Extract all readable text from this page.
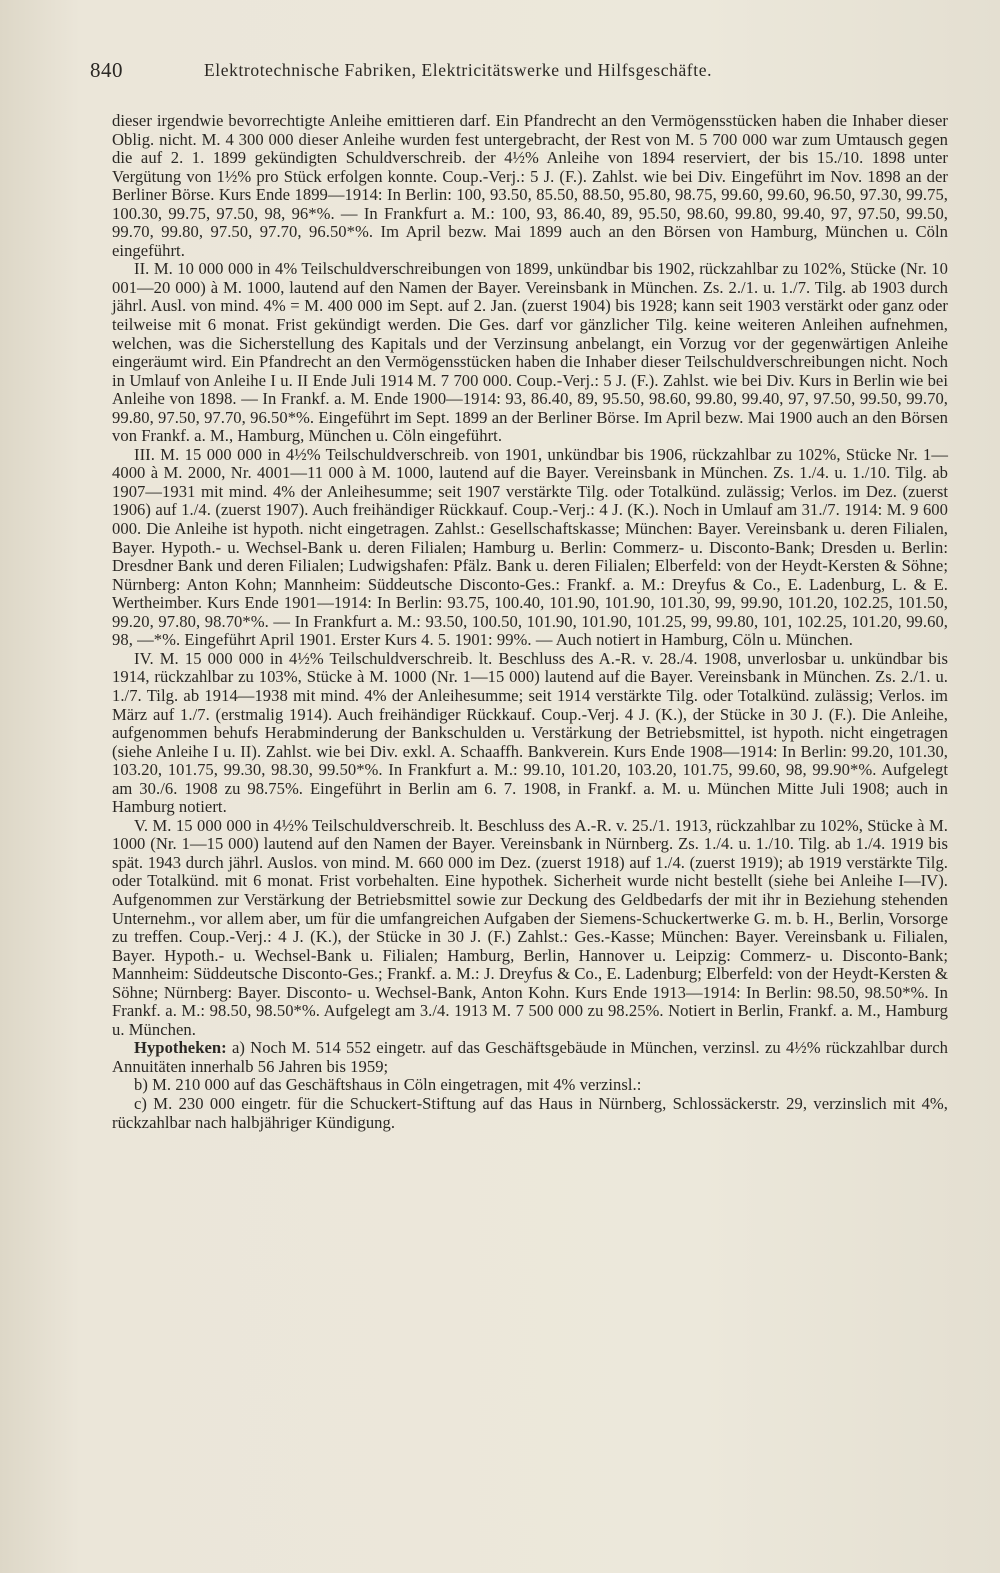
840	Elektrotechnische Fabriken, Elektricitätswerke und Hilfsgeschäfte.

dieser irgendwie bevorrechtigte Anleihe emittieren darf. Ein Pfandrecht an den Vermögensstücken haben die Inhaber dieser Oblig. nicht. M. 4 300 000 dieser Anleihe wurden fest untergebracht, der Rest von M. 5 700 000 war zum Umtausch gegen die auf 2. 1. 1899 gekündigten Schuldverschreib. der 4½% Anleihe von 1894 reserviert, der bis 15./10. 1898 unter Vergütung von 1½% pro Stück erfolgen konnte. Coup.-Verj.: 5 J. (F.). Zahlst. wie bei Div. Eingeführt im Nov. 1898 an der Berliner Börse. Kurs Ende 1899—1914: In Berlin: 100, 93.50, 85.50, 88.50, 95.80, 98.75, 99.60, 99.60, 96.50, 97.30, 99.75, 100.30, 99.75, 97.50, 98, 96*%. — In Frankfurt a. M.: 100, 93, 86.40, 89, 95.50, 98.60, 99.80, 99.40, 97, 97.50, 99.50, 99.70, 99.80, 97.50, 97.70, 96.50*%. Im April bezw. Mai 1899 auch an den Börsen von Hamburg, München u. Cöln eingeführt.

II. M. 10 000 000 in 4% Teilschuldverschreibungen von 1899, unkündbar bis 1902, rückzahlbar zu 102%, Stücke (Nr. 10 001—20 000) à M. 1000, lautend auf den Namen der Bayer. Vereinsbank in München. Zs. 2./1. u. 1./7. Tilg. ab 1903 durch jährl. Ausl. von mind. 4% = M. 400 000 im Sept. auf 2. Jan. (zuerst 1904) bis 1928; kann seit 1903 verstärkt oder ganz oder teilweise mit 6 monat. Frist gekündigt werden. Die Ges. darf vor gänzlicher Tilg. keine weiteren Anleihen aufnehmen, welchen, was die Sicherstellung des Kapitals und der Verzinsung anbelangt, ein Vorzug vor der gegenwärtigen Anleihe eingeräumt wird. Ein Pfandrecht an den Vermögensstücken haben die Inhaber dieser Teilschuldverschreibungen nicht. Noch in Umlauf von Anleihe I u. II Ende Juli 1914 M. 7 700 000. Coup.-Verj.: 5 J. (F.). Zahlst. wie bei Div. Kurs in Berlin wie bei Anleihe von 1898. — In Frankf. a. M. Ende 1900—1914: 93, 86.40, 89, 95.50, 98.60, 99.80, 99.40, 97, 97.50, 99.50, 99.70, 99.80, 97.50, 97.70, 96.50*%. Eingeführt im Sept. 1899 an der Berliner Börse. Im April bezw. Mai 1900 auch an den Börsen von Frankf. a. M., Hamburg, München u. Cöln eingeführt.

III. M. 15 000 000 in 4½% Teilschuldverschreib. von 1901, unkündbar bis 1906, rückzahlbar zu 102%, Stücke Nr. 1—4000 à M. 2000, Nr. 4001—11 000 à M. 1000, lautend auf die Bayer. Vereinsbank in München. Zs. 1./4. u. 1./10. Tilg. ab 1907—1931 mit mind. 4% der Anleihesumme; seit 1907 verstärkte Tilg. oder Totalkünd. zulässig; Verlos. im Dez. (zuerst 1906) auf 1./4. (zuerst 1907). Auch freihändiger Rückkauf. Coup.-Verj.: 4 J. (K.). Noch in Umlauf am 31./7. 1914: M. 9 600 000. Die Anleihe ist hypoth. nicht eingetragen. Zahlst.: Gesellschaftskasse; München: Bayer. Vereinsbank u. deren Filialen, Bayer. Hypoth.- u. Wechsel-Bank u. deren Filialen; Hamburg u. Berlin: Commerz- u. Disconto-Bank; Dresden u. Berlin: Dresdner Bank und deren Filialen; Ludwigshafen: Pfälz. Bank u. deren Filialen; Elberfeld: von der Heydt-Kersten & Söhne; Nürnberg: Anton Kohn; Mannheim: Süddeutsche Disconto-Ges.: Frankf. a. M.: Dreyfus & Co., E. Ladenburg, L. & E. Wertheimber. Kurs Ende 1901—1914: In Berlin: 93.75, 100.40, 101.90, 101.90, 101.30, 99, 99.90, 101.20, 102.25, 101.50, 99.20, 97.80, 98.70*%. — In Frankfurt a. M.: 93.50, 100.50, 101.90, 101.90, 101.25, 99, 99.80, 101, 102.25, 101.20, 99.60, 98, —*%. Eingeführt April 1901. Erster Kurs 4. 5. 1901: 99%. — Auch notiert in Hamburg, Cöln u. München.

IV. M. 15 000 000 in 4½% Teilschuldverschreib. lt. Beschluss des A.-R. v. 28./4. 1908, unverlosbar u. unkündbar bis 1914, rückzahlbar zu 103%, Stücke à M. 1000 (Nr. 1—15 000) lautend auf die Bayer. Vereinsbank in München. Zs. 2./1. u. 1./7. Tilg. ab 1914—1938 mit mind. 4% der Anleihesumme; seit 1914 verstärkte Tilg. oder Totalkünd. zulässig; Verlos. im März auf 1./7. (erstmalig 1914). Auch freihändiger Rückkauf. Coup.-Verj. 4 J. (K.), der Stücke in 30 J. (F.). Die Anleihe, aufgenommen behufs Herabminderung der Bankschulden u. Verstärkung der Betriebsmittel, ist hypoth. nicht eingetragen (siehe Anleihe I u. II). Zahlst. wie bei Div. exkl. A. Schaaffh. Bankverein. Kurs Ende 1908—1914: In Berlin: 99.20, 101.30, 103.20, 101.75, 99.30, 98.30, 99.50*%. In Frankfurt a. M.: 99.10, 101.20, 103.20, 101.75, 99.60, 98, 99.90*%. Aufgelegt am 30./6. 1908 zu 98.75%. Eingeführt in Berlin am 6. 7. 1908, in Frankf. a. M. u. München Mitte Juli 1908; auch in Hamburg notiert.

V. M. 15 000 000 in 4½% Teilschuldverschreib. lt. Beschluss des A.-R. v. 25./1. 1913, rückzahlbar zu 102%, Stücke à M. 1000 (Nr. 1—15 000) lautend auf den Namen der Bayer. Vereinsbank in Nürnberg. Zs. 1./4. u. 1./10. Tilg. ab 1./4. 1919 bis spät. 1943 durch jährl. Auslos. von mind. M. 660 000 im Dez. (zuerst 1918) auf 1./4. (zuerst 1919); ab 1919 verstärkte Tilg. oder Totalkünd. mit 6 monat. Frist vorbehalten. Eine hypothek. Sicherheit wurde nicht bestellt (siehe bei Anleihe I—IV). Aufgenommen zur Verstärkung der Betriebsmittel sowie zur Deckung des Geldbedarfs der mit ihr in Beziehung stehenden Unternehm., vor allem aber, um für die umfangreichen Aufgaben der Siemens-Schuckertwerke G. m. b. H., Berlin, Vorsorge zu treffen. Coup.-Verj.: 4 J. (K.), der Stücke in 30 J. (F.) Zahlst.: Ges.-Kasse; München: Bayer. Vereinsbank u. Filialen, Bayer. Hypoth.- u. Wechsel-Bank u. Filialen; Hamburg, Berlin, Hannover u. Leipzig: Commerz- u. Disconto-Bank; Mannheim: Süddeutsche Disconto-Ges.; Frankf. a. M.: J. Dreyfus & Co., E. Ladenburg; Elberfeld: von der Heydt-Kersten & Söhne; Nürnberg: Bayer. Disconto- u. Wechsel-Bank, Anton Kohn. Kurs Ende 1913—1914: In Berlin: 98.50, 98.50*%. In Frankf. a. M.: 98.50, 98.50*%. Aufgelegt am 3./4. 1913 M. 7 500 000 zu 98.25%. Notiert in Berlin, Frankf. a. M., Hamburg u. München.

Hypotheken: a) Noch M. 514 552 eingetr. auf das Geschäftsgebäude in München, verzinsl. zu 4½% rückzahlbar durch Annuitäten innerhalb 56 Jahren bis 1959;

b) M. 210 000 auf das Geschäftshaus in Cöln eingetragen, mit 4% verzinsl.:

c) M. 230 000 eingetr. für die Schuckert-Stiftung auf das Haus in Nürnberg, Schlossäckerstr. 29, verzinslich mit 4%, rückzahlbar nach halbjähriger Kündigung.
